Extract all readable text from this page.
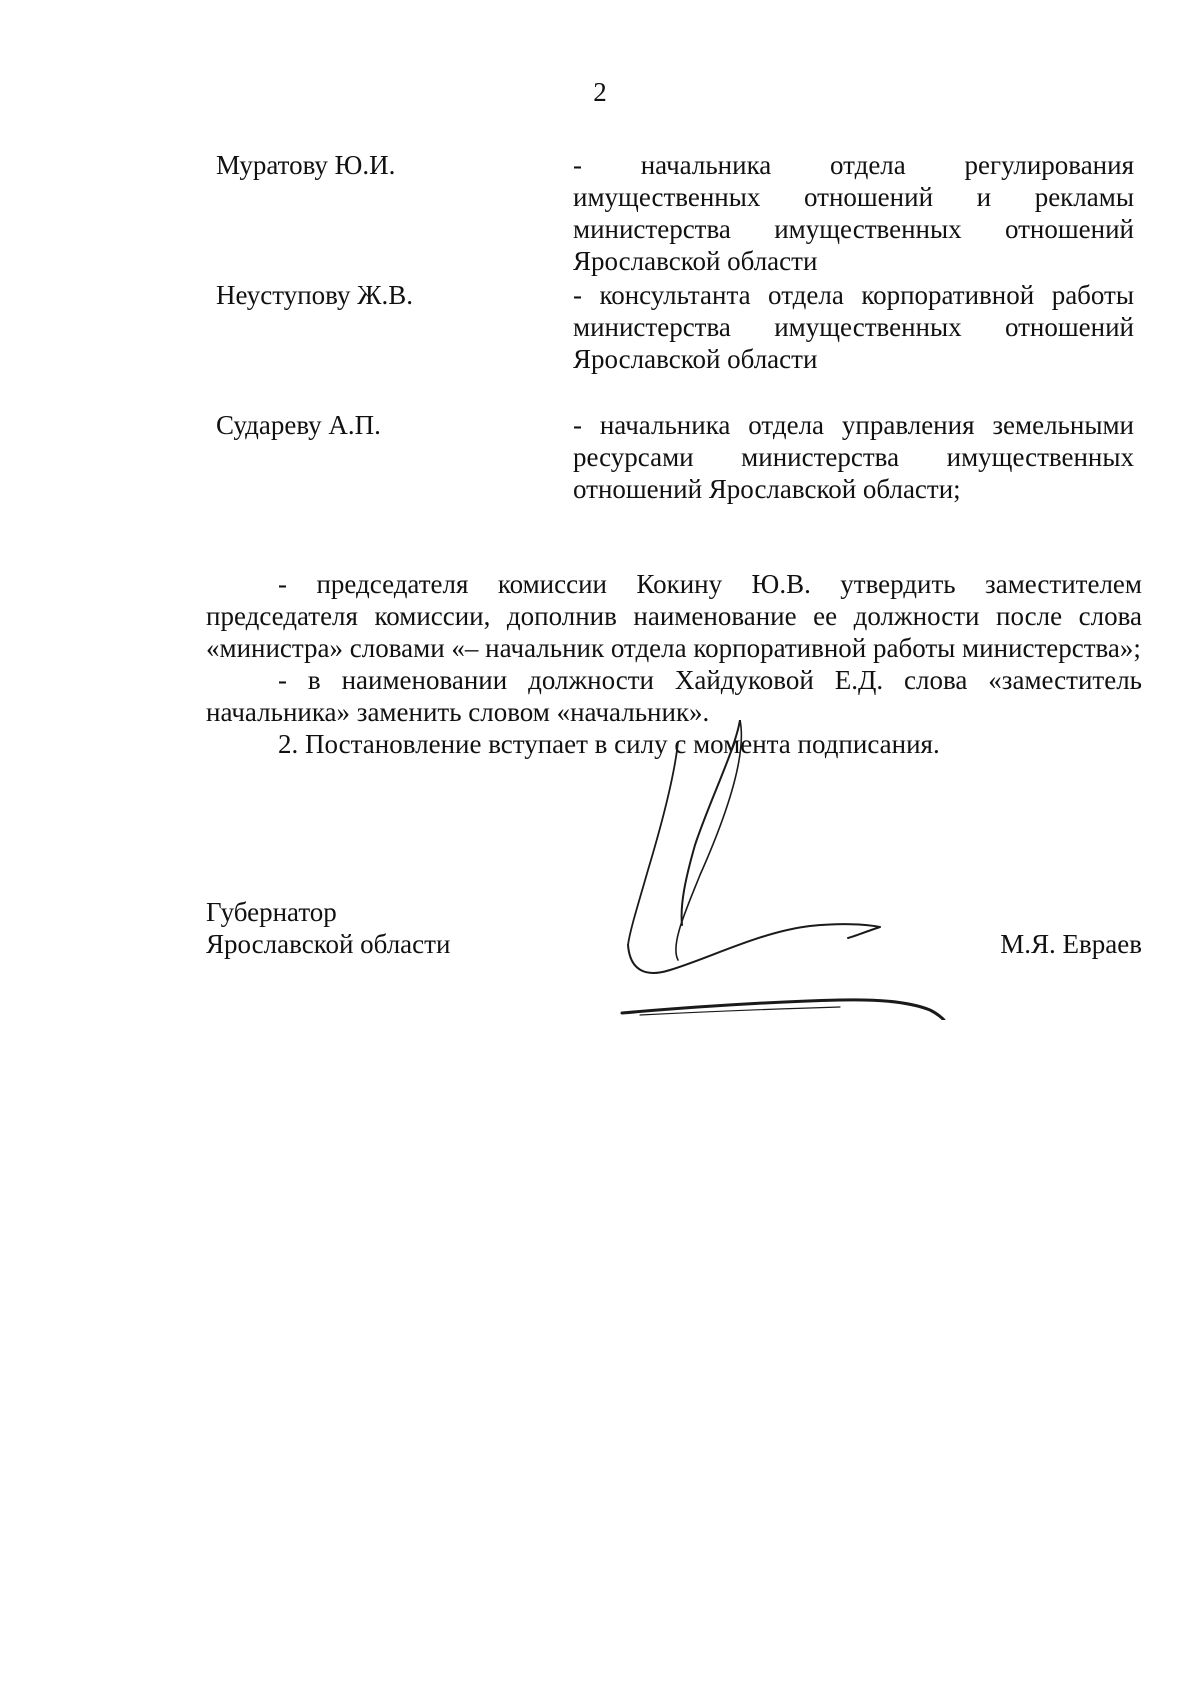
2
Муратову Ю.И.	- начальника отдела регулирования имущественных отношений и рекламы министерства имущественных отношений Ярославской области
Неуступову Ж.В.	- консультанта отдела корпоративной работы министерства имущественных отношений Ярославской области
Судареву А.П.	- начальника отдела управления земельными ресурсами министерства имущественных отношений Ярославской области;

- председателя комиссии Кокину Ю.В. утвердить заместителем председателя комиссии, дополнив наименование ее должности после слова «министра» словами «– начальник отдела корпоративной работы министерства»;

- в наименовании должности Хайдуковой Е.Д. слова «заместитель начальника» заменить словом «начальник».

2. Постановление вступает в силу с момента подписания.

Губернатор
Ярославской области	М.Я. Евраев
